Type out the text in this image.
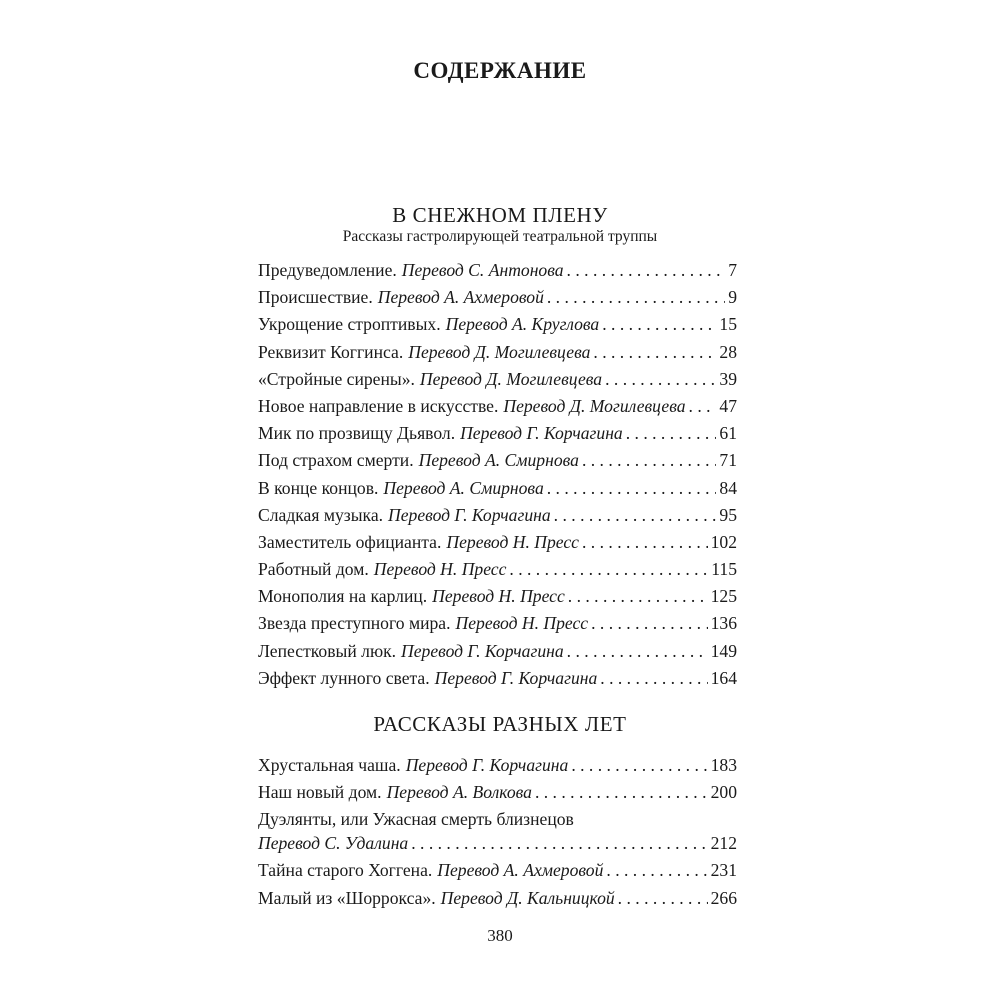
СОДЕРЖАНИЕ
В СНЕЖНОМ ПЛЕНУ
Рассказы гастролирующей театральной труппы
Предуведомление. Перевод С. Антонова . . .	7
Происшествие. Перевод А. Ахмеровой . . .	9
Укрощение строптивых. Перевод А. Круглова . . .	15
Реквизит Коггинса. Перевод Д. Могилевцева . . .	28
«Стройные сирены». Перевод Д. Могилевцева . . .	39
Новое направление в искусстве. Перевод Д. Могилевцева . . . 47
Мик по прозвищу Дьявол. Перевод Г. Корчагина . . .	61
Под страхом смерти. Перевод А. Смирнова . . .	71
В конце концов. Перевод А. Смирнова . . .	84
Сладкая музыка. Перевод Г. Корчагина . . .	95
Заместитель официанта. Перевод Н. Пресс . . .	102
Работный дом. Перевод Н. Пресс . . .	115
Монополия на карлиц. Перевод Н. Пресс . . .	125
Звезда преступного мира. Перевод Н. Пресс . . .	136
Лепестковый люк. Перевод Г. Корчагина . . .	149
Эффект лунного света. Перевод Г. Корчагина . . .	164
РАССКАЗЫ РАЗНЫХ ЛЕТ
Хрустальная чаша. Перевод Г. Корчагина . . .	183
Наш новый дом. Перевод А. Волкова . . .	200
Дуэлянты, или Ужасная смерть близнецов
Перевод С. Удалина . . .	212
Тайна старого Хоггена. Перевод А. Ахмеровой . . .	231
Малый из «Шоррокса». Перевод Д. Кальницкой . . .	266
380
